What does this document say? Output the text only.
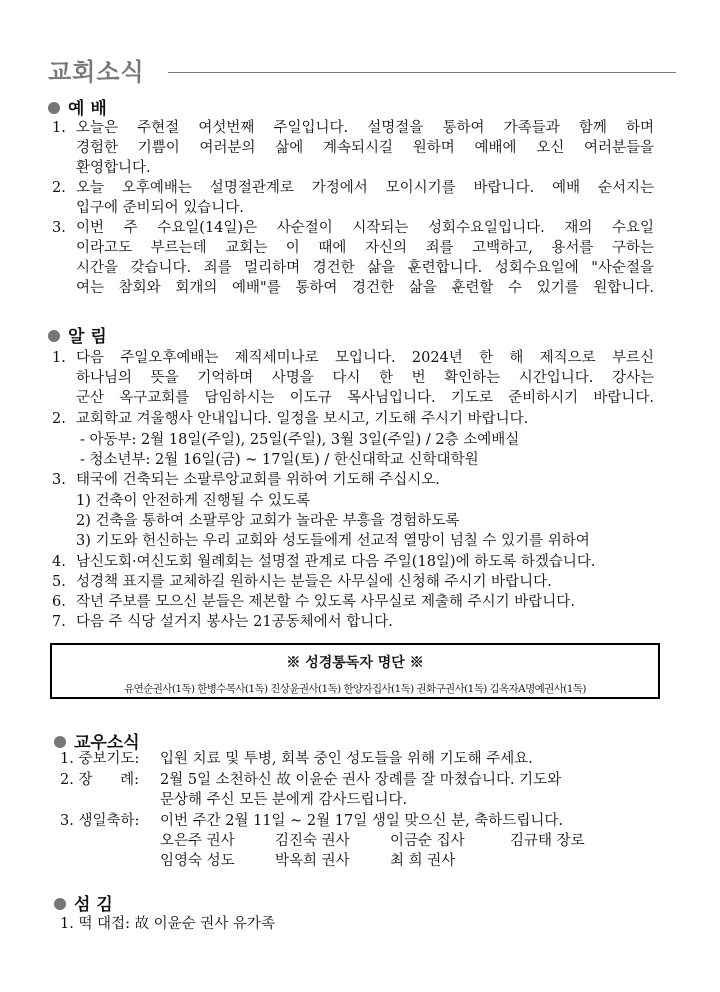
교회소식
예 배
1. 오늘은 주현절 여섯번째 주일입니다. 설명절을 통하여 가족들과 함께 하며
경험한 기쁨이 여러분의 삶에 계속되시길 원하며 예배에 오신 여러분들을
환영합니다.
2. 오늘 오후예배는 설명절관계로 가정에서 모이시기를 바랍니다. 예배 순서지는
입구에 준비되어 있습니다.
3. 이번 주 수요일(14일)은 사순절이 시작되는 성회수요일입니다. 재의 수요일
이라고도 부르는데 교회는 이 때에 자신의 죄를 고백하고, 용서를 구하는
시간을 갖습니다. 죄를 멀리하며 경건한 삶을 훈련합니다. 성회수요일에 "사순절을
여는 참회와 회개의 예배"를 통하여 경건한 삶을 훈련할 수 있기를 원합니다.
알 림
1. 다음 주일오후예배는 제직세미나로 모입니다. 2024년 한 해 제직으로 부르신
하나님의 뜻을 기억하며 사명을 다시 한 번 확인하는 시간입니다. 강사는
군산 옥구교회를 담임하시는 이도규 목사님입니다. 기도로 준비하시기 바랍니다.
2. 교회학교 겨울행사 안내입니다. 일정을 보시고, 기도해 주시기 바랍니다.
- 아동부: 2월 18일(주일), 25일(주일), 3월 3일(주일) / 2층 소예배실
- 청소년부: 2월 16일(금) ~ 17일(토) / 한신대학교 신학대학원
3. 태국에 건축되는 소팔루앙교회를 위하여 기도해 주십시오.
1) 건축이 안전하게 진행될 수 있도록
2) 건축을 통하여 소팔루앙 교회가 놀라운 부흥을 경험하도록
3) 기도와 헌신하는 우리 교회와 성도들에게 선교적 열망이 넘칠 수 있기를 위하여
4. 남신도회·여신도회 월례회는 설명절 관계로 다음 주일(18일)에 하도록 하겠습니다.
5. 성경책 표지를 교체하길 원하시는 분들은 사무실에 신청해 주시기 바랍니다.
6. 작년 주보를 모으신 분들은 제본할 수 있도록 사무실로 제출해 주시기 바랍니다.
7. 다음 주 식당 설거지 봉사는 21공동체에서 합니다.
※ 성경통독자 명단 ※
유연순권사(1독) 한병수목사(1독) 진상윤권사(1독) 한양자집사(1독) 권화구권사(1독) 김옥자A명예권사(1독)
교우소식
1. 중보기도: 입원 치료 및 투병, 회복 중인 성도들을 위해 기도해 주세요.
2. 장      례: 2월 5일 소천하신 故 이윤순 권사 장례를 잘 마쳤습니다. 기도와
문상해 주신 모든 분에게 감사드립니다.
3. 생일축하: 이번 주간 2월 11일 ~ 2월 17일 생일 맞으신 분, 축하드립니다.
오은주 권사	김진숙 권사	이금순 집사	김규태 장로
임영숙 성도	박옥희 권사	최 희 권사
섬 김
1. 떡 대접: 故 이윤순 권사 유가족
